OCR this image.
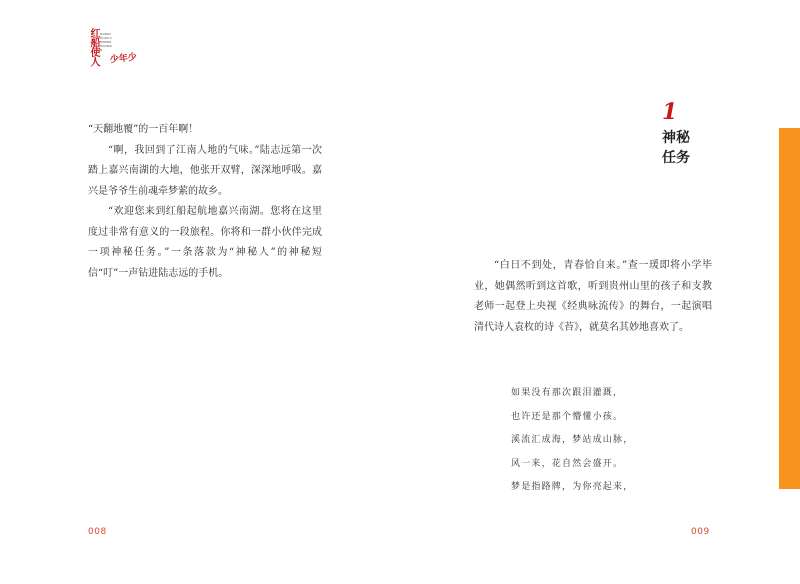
红船使人 HONGCHUAN SHIRENSHAONIAN
少年少

“天翻地覆”的一百年啊！

“啊，我回到了江南人地的气味。”陆志远第一次踏上嘉兴南湖的大地，他张开双臂，深深地呼吸。嘉兴是爷爷生前魂牵梦萦的故乡。

“欢迎您来到红船起航地嘉兴南湖。您将在这里度过非常有意义的一段旅程。你将和一群小伙伴完成一项神秘任务。”一条落款为“神秘人”的神秘短信“叮”一声钻进陆志远的手机。

008
1
神秘任务

“白日不到处，青春恰自来。”查一瑗即将小学毕业，她偶然听到这首歌，听到贵州山里的孩子和支教老师一起登上央视《经典咏流传》的舞台，一起演唱清代诗人袁枚的诗《苔》，就莫名其妙地喜欢了。

如果没有那次跟泪灌溉，
也许还是那个懵懂小孩。
溪流汇成海，梦站成山脉，
风一来，花自然会盛开。
梦是指路牌，为你亮起来，
009
